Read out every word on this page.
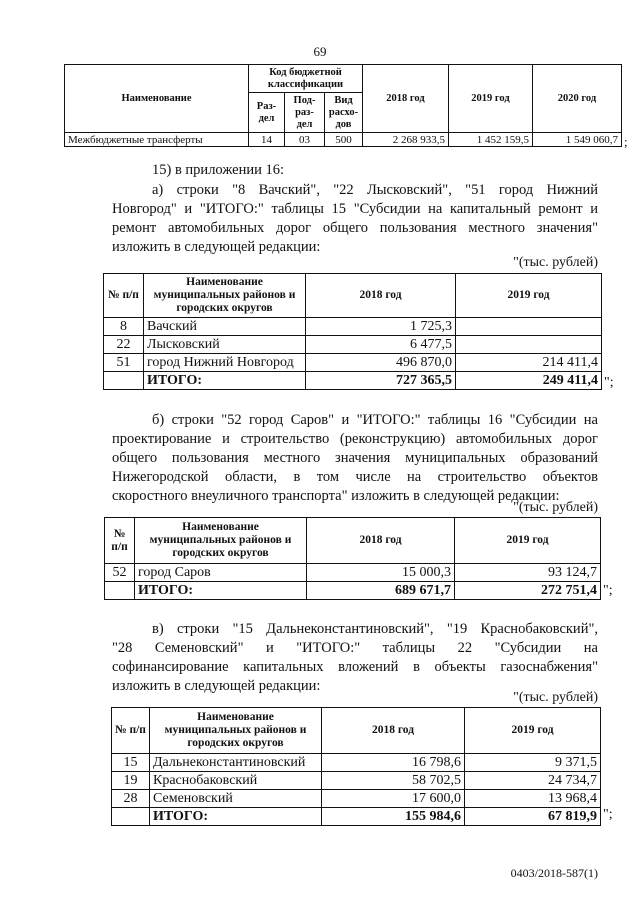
69
Наименование	Код бюджетной классификации			2018 год	2019 год	2020 год
	Раз-дел	Под-раз-дел	Вид расхо-дов			
Межбюджетные трансферты	14	03	500	2 268 933,5	1 452 159,5	1 549 060,7 ;
15) в приложении 16:
а) строки "8 Вачский", "22 Лысковский", "51 город Нижний
Новгород" и "ИТОГО:" таблицы 15 "Субсидии на капитальный ремонт и
ремонт автомобильных дорог общего пользования местного значения"
изложить в следующей редакции:
"(тыс. рублей)
№ п/п	Наименование муниципальных районов и городских округов	2018 год	2019 год
8	Вачский	1 725,3	
22	Лысковский	6 477,5	
51	город Нижний Новгород	496 870,0	214 411,4
	ИТОГО:	727 365,5	249 411,4 ";
б) строки "52 город Саров" и "ИТОГО:" таблицы 16 "Субсидии на
проектирование и строительство (реконструкцию) автомобильных дорог
общего пользования местного значения муниципальных образований
Нижегородской области, в том числе на строительство объектов
скоростного внеуличного транспорта" изложить в следующей редакции:
"(тыс. рублей)
№ п/п	Наименование муниципальных районов и городских округов	2018 год	2019 год
52	город Саров	15 000,3	93 124,7
	ИТОГО:	689 671,7	272 751,4 ";
в) строки "15 Дальнеконстантиновский", "19 Краснобаковский",
"28 Семеновский" и "ИТОГО:" таблицы 22 "Субсидии на
софинансирование капитальных вложений в объекты газоснабжения"
изложить в следующей редакции:
"(тыс. рублей)
№ п/п	Наименование муниципальных районов и городских округов	2018 год	2019 год
15	Дальнеконстантиновский	16 798,6	9 371,5
19	Краснобаковский	58 702,5	24 734,7
28	Семеновский	17 600,0	13 968,4
	ИТОГО:	155 984,6	67 819,9 ";
0403/2018-587(1)
